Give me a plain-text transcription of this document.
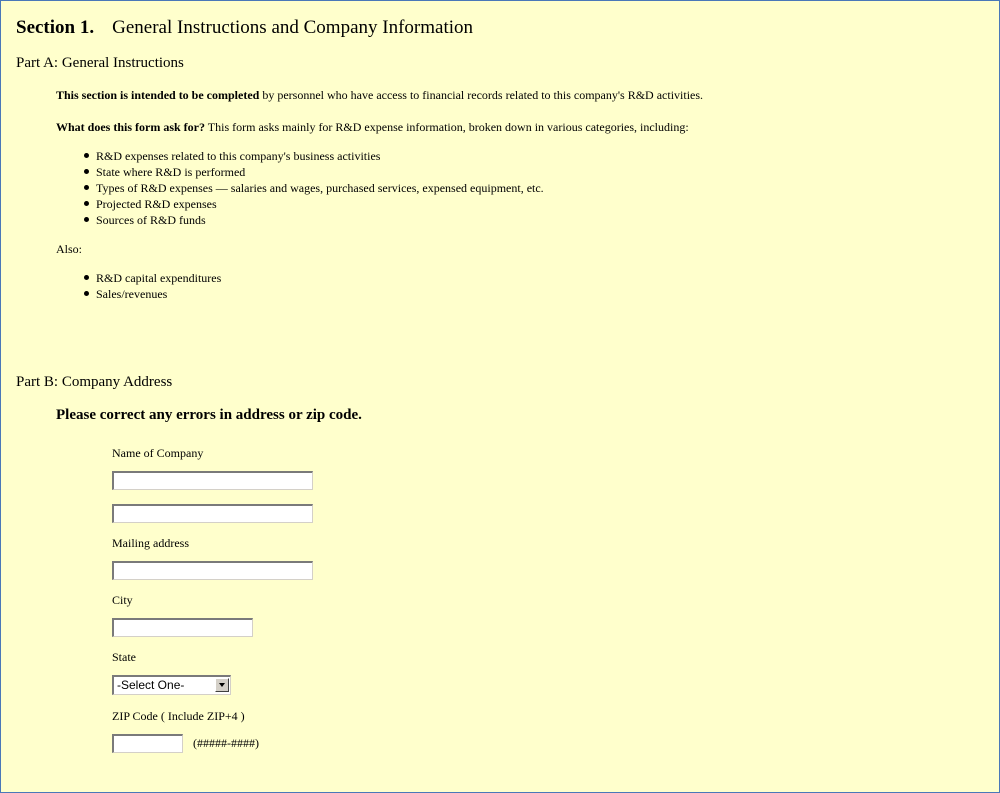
Section 1. General Instructions and Company Information
Part A: General Instructions
This section is intended to be completed by personnel who have access to financial records related to this company's R&D activities.
What does this form ask for? This form asks mainly for R&D expense information, broken down in various categories, including:
R&D expenses related to this company's business activities
State where R&D is performed
Types of R&D expenses — salaries and wages, purchased services, expensed equipment, etc.
Projected R&D expenses
Sources of R&D funds
Also:
R&D capital expenditures
Sales/revenues
Part B: Company Address
Please correct any errors in address or zip code.
Name of Company
Mailing address
City
State
-Select One-
ZIP Code ( Include ZIP+4 )
(#####-####)
